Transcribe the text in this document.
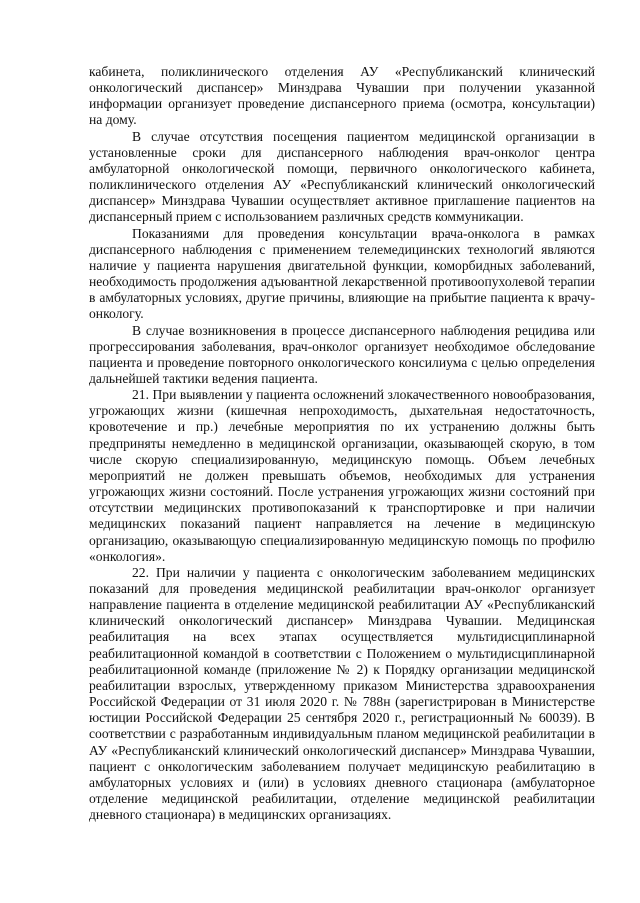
кабинета, поликлинического отделения АУ «Республиканский клинический онкологический диспансер» Минздрава Чувашии при получении указанной информации организует проведение диспансерного приема (осмотра, консультации) на дому.

В случае отсутствия посещения пациентом медицинской организации в установленные сроки для диспансерного наблюдения врач-онколог центра амбулаторной онкологической помощи, первичного онкологического кабинета, поликлинического отделения АУ «Республиканский клинический онкологический диспансер» Минздрава Чувашии осуществляет активное приглашение пациентов на диспансерный прием с использованием различных средств коммуникации.

Показаниями для проведения консультации врача-онколога в рамках диспансерного наблюдения с применением телемедицинских технологий являются наличие у пациента нарушения двигательной функции, коморбидных заболеваний, необходимость продолжения адъювантной лекарственной противоопухолевой терапии в амбулаторных условиях, другие причины, влияющие на прибытие пациента к врачу-онкологу.

В случае возникновения в процессе диспансерного наблюдения рецидива или прогрессирования заболевания, врач-онколог организует необходимое обследование пациента и проведение повторного онкологического консилиума с целью определения дальнейшей тактики ведения пациента.

21. При выявлении у пациента осложнений злокачественного новообразования, угрожающих жизни (кишечная непроходимость, дыхательная недостаточность, кровотечение и пр.) лечебные мероприятия по их устранению должны быть предприняты немедленно в медицинской организации, оказывающей скорую, в том числе скорую специализированную, медицинскую помощь. Объем лечебных мероприятий не должен превышать объемов, необходимых для устранения угрожающих жизни состояний. После устранения угрожающих жизни состояний при отсутствии медицинских противопоказаний к транспортировке и при наличии медицинских показаний пациент направляется на лечение в медицинскую организацию, оказывающую специализированную медицинскую помощь по профилю «онкология».

22. При наличии у пациента с онкологическим заболеванием медицинских показаний для проведения медицинской реабилитации врач-онколог организует направление пациента в отделение медицинской реабилитации АУ «Республиканский клинический онкологический диспансер» Минздрава Чувашии. Медицинская реабилитация на всех этапах осуществляется мультидисциплинарной реабилитационной командой в соответствии с Положением о мультидисциплинарной реабилитационной команде (приложение № 2) к Порядку организации медицинской реабилитации взрослых, утвержденному приказом Министерства здравоохранения Российской Федерации от 31 июля 2020 г. № 788н (зарегистрирован в Министерстве юстиции Российской Федерации 25 сентября 2020 г., регистрационный № 60039). В соответствии с разработанным индивидуальным планом медицинской реабилитации в АУ «Республиканский клинический онкологический диспансер» Минздрава Чувашии, пациент с онкологическим заболеванием получает медицинскую реабилитацию в амбулаторных условиях и (или) в условиях дневного стационара (амбулаторное отделение медицинской реабилитации, отделение медицинской реабилитации дневного стационара) в медицинских организациях.
